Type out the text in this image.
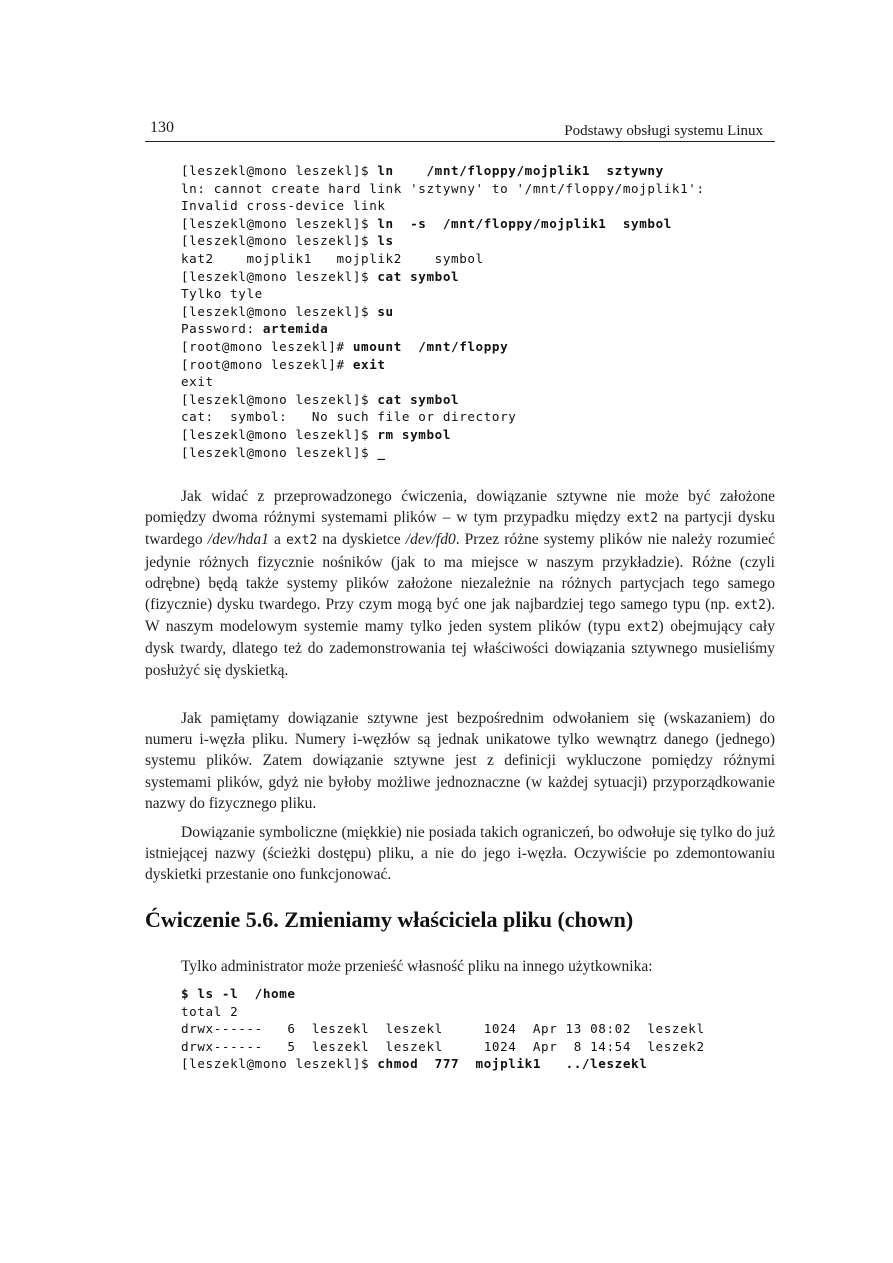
130	Podstawy obsługi systemu Linux
[leszekl@mono leszekl]$ ln    /mnt/floppy/mojplik1  sztywny
ln: cannot create hard link 'sztywny' to '/mnt/floppy/mojplik1':
Invalid cross-device link
[leszekl@mono leszekl]$ ln  -s  /mnt/floppy/mojplik1  symbol
[leszekl@mono leszekl]$ ls
kat2    mojplik1   mojplik2    symbol
[leszekl@mono leszekl]$ cat symbol
Tylko tyle
[leszekl@mono leszekl]$ su
Password: artemida
[root@mono leszekl]# umount  /mnt/floppy
[root@mono leszekl]# exit
exit
[leszekl@mono leszekl]$ cat symbol
cat:  symbol:   No such file or directory
[leszekl@mono leszekl]$ rm symbol
[leszekl@mono leszekl]$ _

Jak widać z przeprowadzonego ćwiczenia, dowiązanie sztywne nie może być założone pomiędzy dwoma różnymi systemami plików – w tym przypadku między ext2 na partycji dysku twardego /dev/hda1 a ext2 na dyskietce /dev/fd0. Przez różne systemy plików nie należy rozumieć jedynie różnych fizycznie nośników (jak to ma miejsce w naszym przykładzie). Różne (czyli odrębne) będą także systemy plików założone niezależnie na różnych partycjach tego samego (fizycznie) dysku twardego. Przy czym mogą być one jak najbardziej tego samego typu (np. ext2). W naszym modelowym systemie mamy tylko jeden system plików (typu ext2) obejmujący cały dysk twardy, dlatego też do zademonstrowania tej właściwości dowiązania sztywnego musieliśmy posłużyć się dyskietką.

Jak pamiętamy dowiązanie sztywne jest bezpośrednim odwołaniem się (wskazaniem) do numeru i-węzła pliku. Numery i-węzłów są jednak unikatowe tylko wewnątrz danego (jednego) systemu plików. Zatem dowiązanie sztywne jest z definicji wykluczone pomiędzy różnymi systemami plików, gdyż nie byłoby możliwe jednoznaczne (w każdej sytuacji) przyporządkowanie nazwy do fizycznego pliku.

Dowiązanie symboliczne (miękkie) nie posiada takich ograniczeń, bo odwołuje się tylko do już istniejącej nazwy (ścieżki dostępu) pliku, a nie do jego i-węzła. Oczywiście po zdemontowaniu dyskietki przestanie ono funkcjonować.

Ćwiczenie 5.6. Zmieniamy właściciela pliku (chown)

Tylko administrator może przenieść własność pliku na innego użytkownika:

$ ls -l  /home
total 2
drwx------   6  leszekl  leszekl     1024  Apr 13 08:02  leszekl
drwx------   5  leszekl  leszekl     1024  Apr  8 14:54  leszek2
[leszekl@mono leszekl]$ chmod  777  mojplik1   ../leszekl
